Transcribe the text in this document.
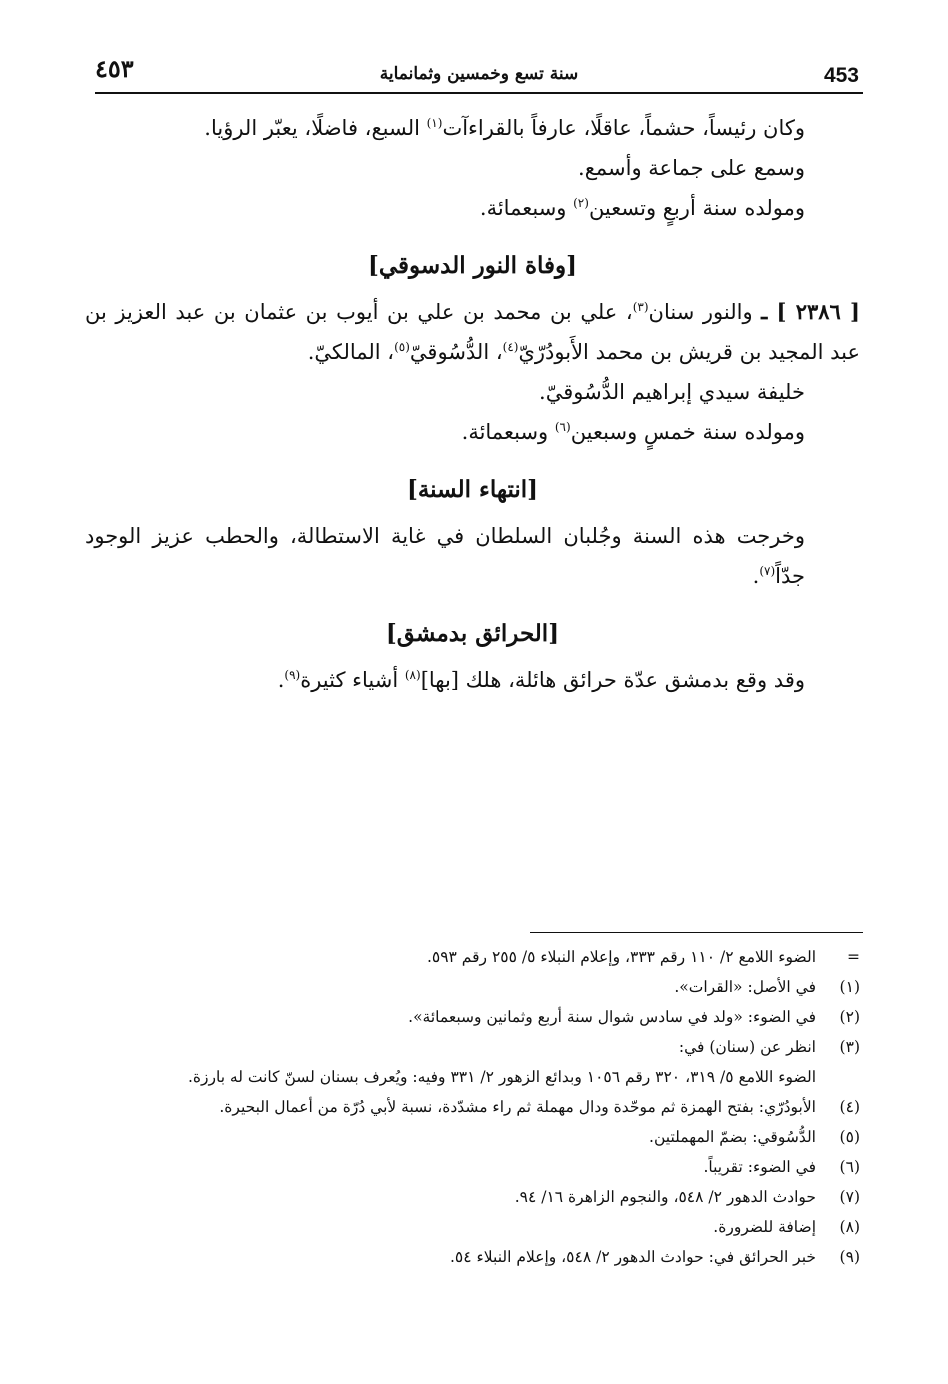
٤٥٣	سنة تسع وخمسين وثمانماية	453

وكان رئيساً، حشماً، عاقلًا، عارفاً بالقراءآت$^{(١)}$ السبع، فاضلًا، يعبّر الرؤيا.

وسمع على جماعة وأسمع.

ومولده سنة أربعٍ وتسعين$^{(٢)}$ وسبعمائة.

[وفاة النور الدسوقي]

[ ٢٣٨٦ ] ـ والنور سنان$^{(٣)}$، علي بن محمد بن علي بن أيوب بن عثمان بن عبد العزيز بن عبد المجيد بن قريش بن محمد الأَبودُرّيّ$^{(٤)}$، الدُّسُوقيّ$^{(٥)}$، المالكيّ.

خليفة سيدي إبراهيم الدُّسُوقيّ.

ومولده سنة خمسٍ وسبعين$^{(٦)}$ وسبعمائة.

[انتهاء السنة]

وخرجت هذه السنة وجُلبان السلطان في غاية الاستطالة، والحطب عزيز الوجود جدّاً$^{(٧)}$.

[الحرائق بدمشق]

وقد وقع بدمشق عدّة حرائق هائلة، هلك [بها]$^{(٨)}$ أشياء كثيرة$^{(٩)}$.

=
الضوء اللامع ٢/ ١١٠ رقم ٣٣٣، وإعلام النبلاء ٥/ ٢٥٥ رقم ٥٩٣.
(١)
في الأصل: «القرات».
(٢)
في الضوء: «ولد في سادس شوال سنة أربع وثمانين وسبعمائة».
(٣)
انظر عن (سنان) في:
الضوء اللامع ٥/ ٣١٩، ٣٢٠ رقم ١٠٥٦ وبدائع الزهور ٢/ ٣٣١ وفيه: ويُعرف بسنان لسنّ كانت له بارزة.
(٤)
الأبودُرّي: بفتح الهمزة ثم موحّدة ودال مهملة ثم راء مشدّدة، نسبة لأبي دُرّة من أعمال البحيرة.
(٥)
الدُّسُوقي: بضمّ المهملتين.
(٦)
في الضوء: تقريباً.
(٧)
حوادث الدهور ٢/ ٥٤٨، والنجوم الزاهرة ١٦/ ٩٤.
(٨)
إضافة للضرورة.
(٩)
خبر الحرائق في: حوادث الدهور ٢/ ٥٤٨، وإعلام النبلاء ٥٤.
